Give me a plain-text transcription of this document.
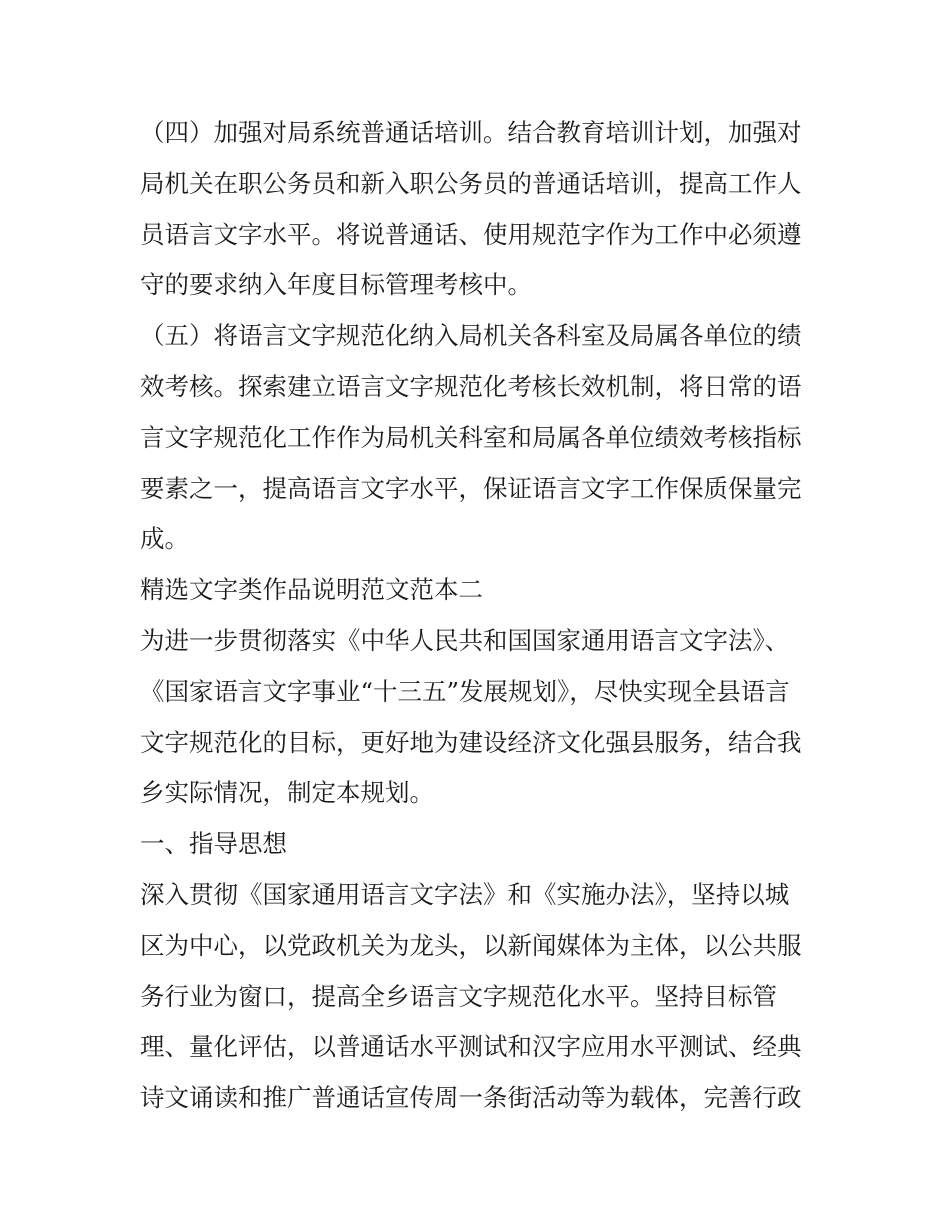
（四）加强对局系统普通话培训。结合教育培训计划，加强对
局机关在职公务员和新入职公务员的普通话培训，提高工作人
员语言文字水平。将说普通话、使用规范字作为工作中必须遵
守的要求纳入年度目标管理考核中。
（五）将语言文字规范化纳入局机关各科室及局属各单位的绩
效考核。探索建立语言文字规范化考核长效机制，将日常的语
言文字规范化工作作为局机关科室和局属各单位绩效考核指标
要素之一，提高语言文字水平，保证语言文字工作保质保量完
成。
精选文字类作品说明范文范本二
为进一步贯彻落实《中华人民共和国国家通用语言文字法》、
《国家语言文字事业“十三五”发展规划》，尽快实现全县语言
文字规范化的目标，更好地为建设经济文化强县服务，结合我
乡实际情况，制定本规划。
一、指导思想
深入贯彻《国家通用语言文字法》和《实施办法》，坚持以城
区为中心，以党政机关为龙头，以新闻媒体为主体，以公共服
务行业为窗口，提高全乡语言文字规范化水平。坚持目标管
理、量化评估，以普通话水平测试和汉字应用水平测试、经典
诗文诵读和推广普通话宣传周一条街活动等为载体，完善行政
